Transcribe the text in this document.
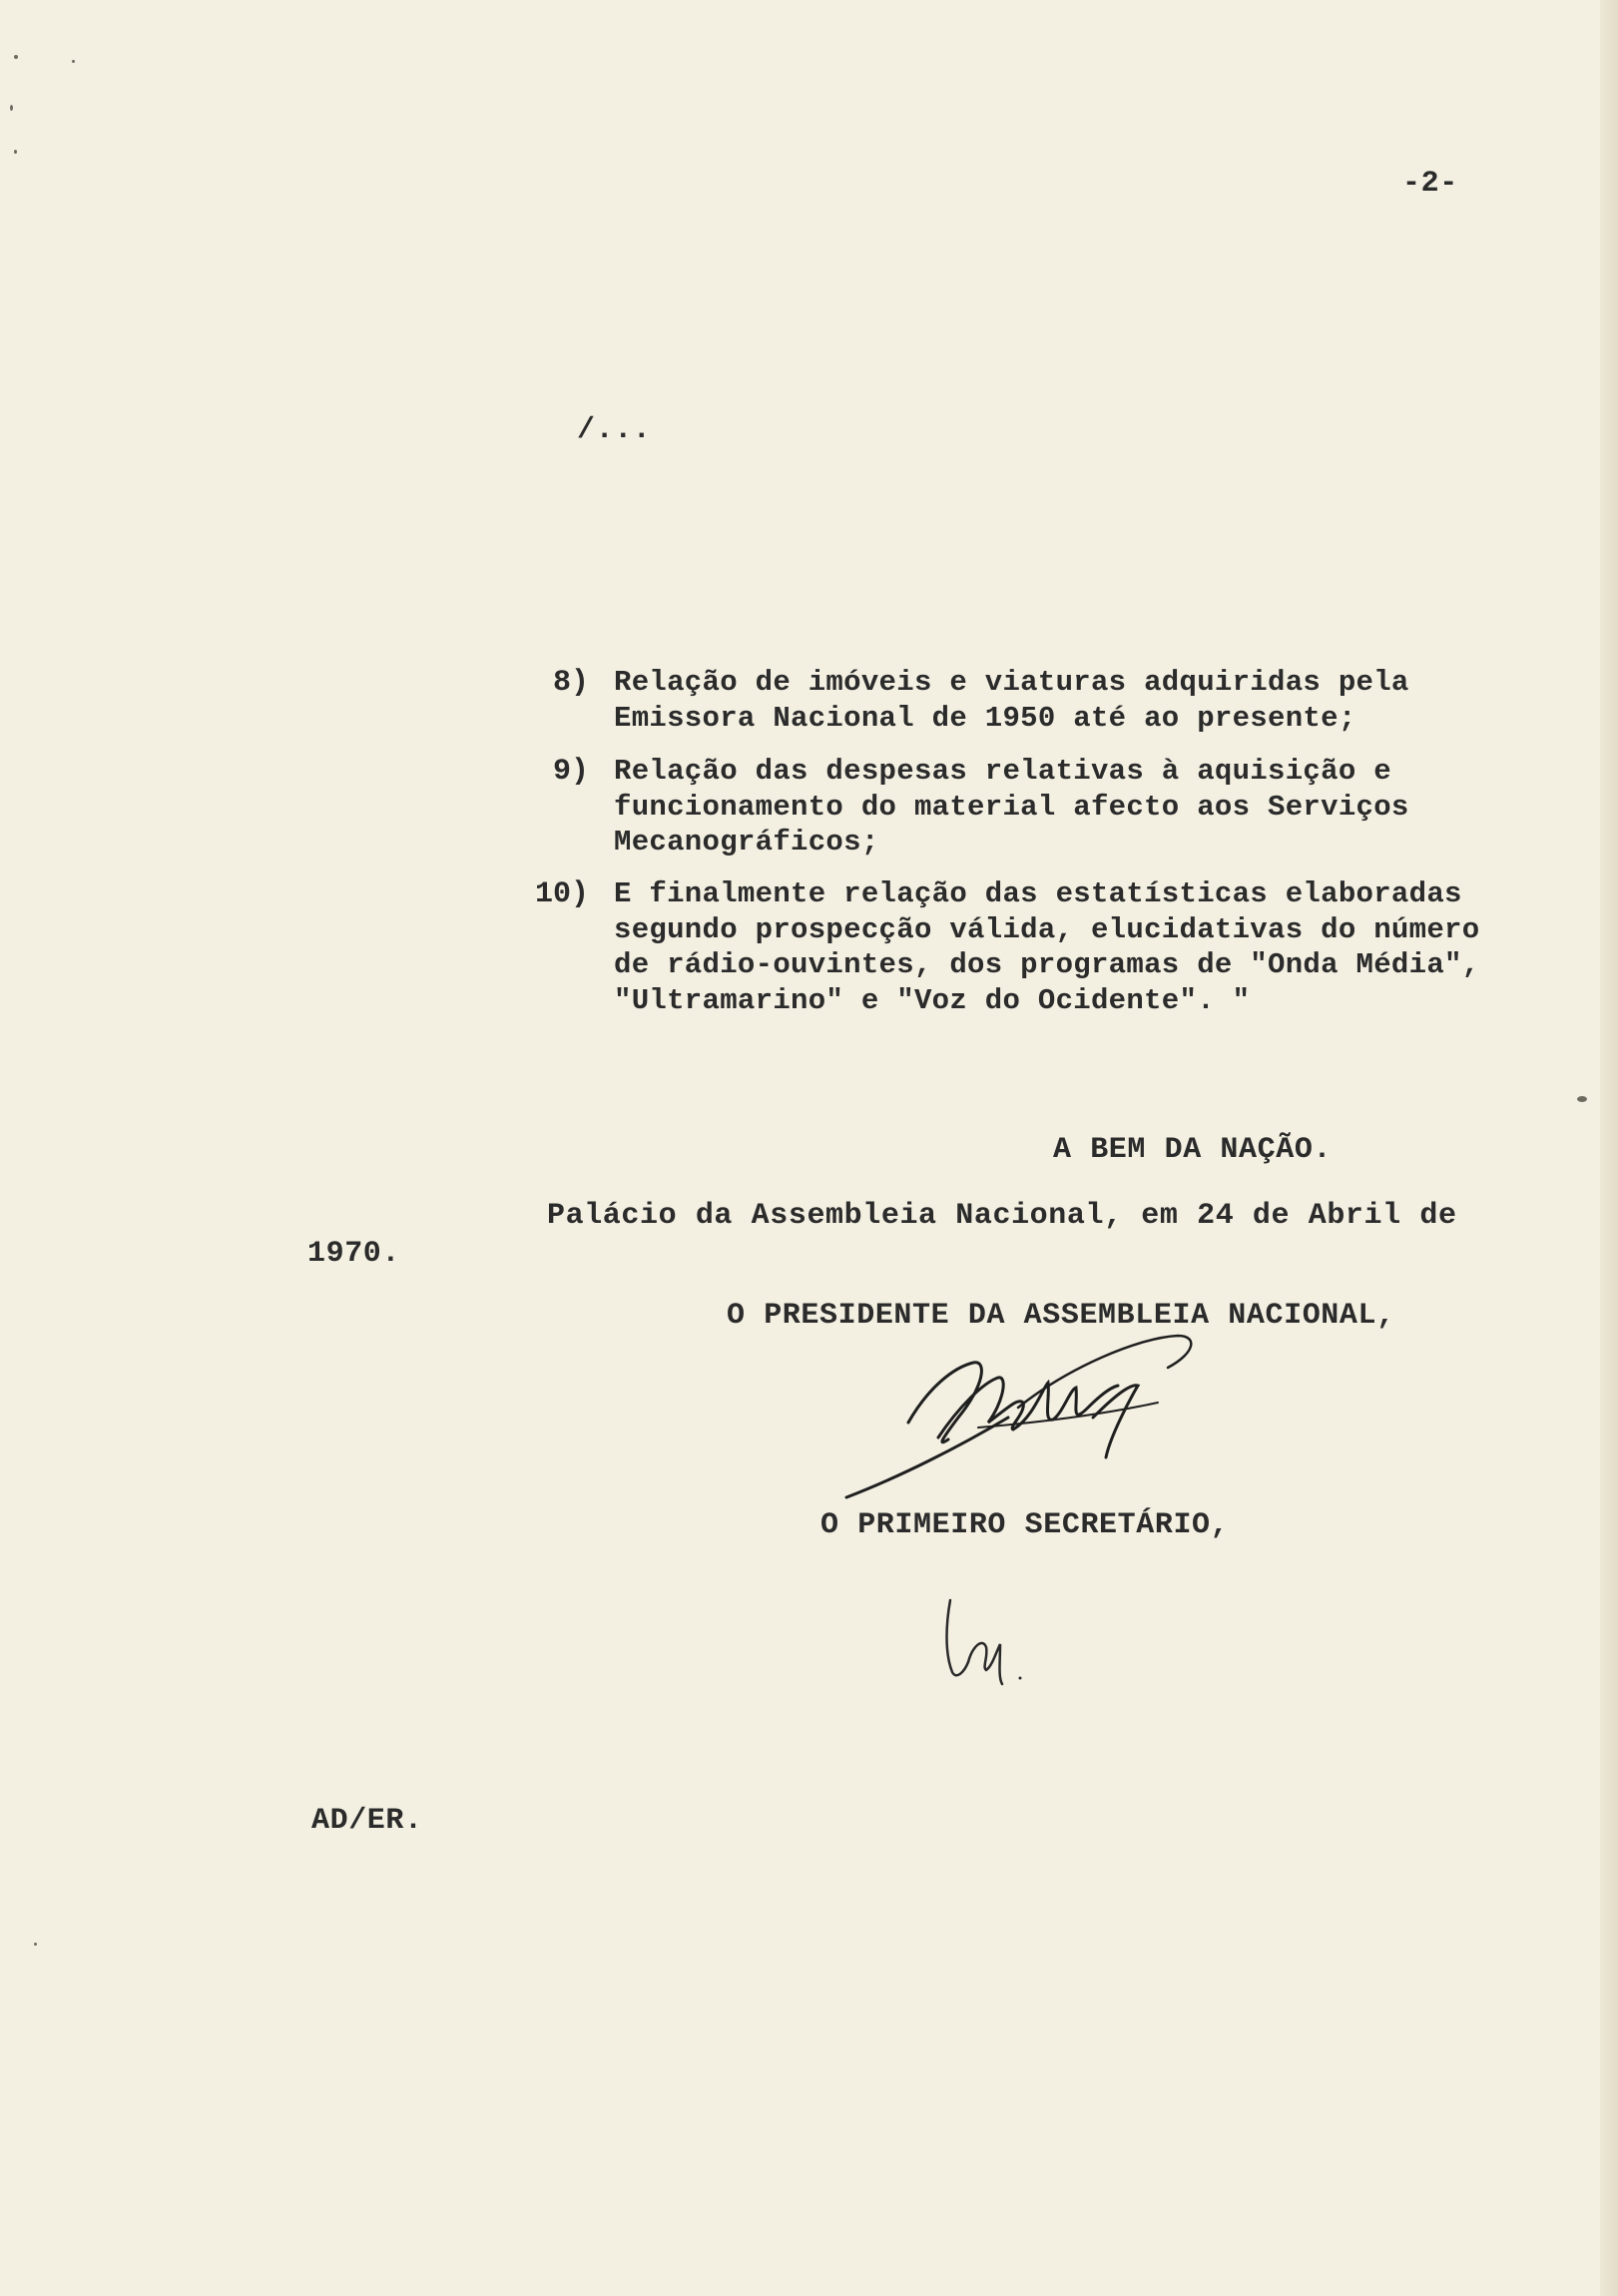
-2-

/...

8) Relação de imóveis e viaturas adquiridas pela Emissora Nacional de 1950 até ao presente;

9) Relação das despesas relativas à aquisição e funcionamento do material afecto aos Serviços Mecanográficos;

10) E finalmente relação das estatísticas elaboradas segundo prospecção válida, elucidativas do número de rádio-ouvintes, dos programas de "Onda Média", "Ultramarino" e "Voz do Ocidente". "

A BEM DA NAÇÃO.

Palácio da Assembleia Nacional, em 24 de Abril de

1970.

O PRESIDENTE DA ASSEMBLEIA NACIONAL,

O PRIMEIRO SECRETÁRIO,

AD/ER.
